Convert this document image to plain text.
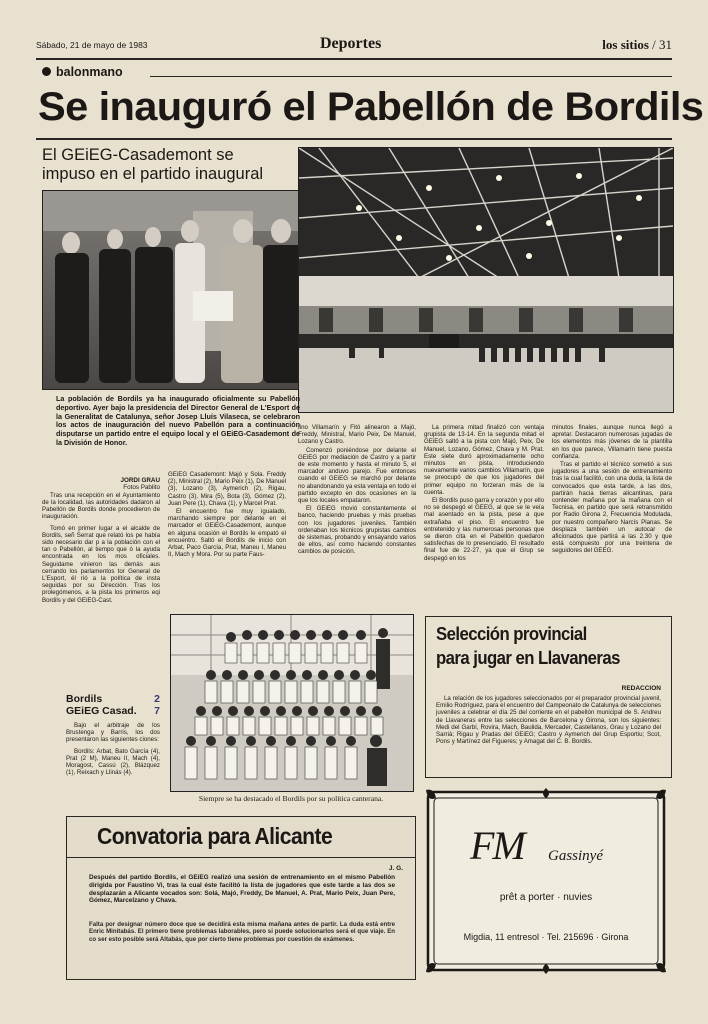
Sábado, 21 de mayo de 1983	Deportes	los sitios / 31
balonmano
Se inauguró el Pabellón de Bordils
El GEiEG-Casademont se
impuso en el partido inaugural
La población de Bordils ya ha inaugurado oficialmente su Pabellón deportivo. Ayer bajo la presidencia del Director General de L'Esport de la Generalitat de Catalunya, señor Josep Lluís Vilaseca, se celebraron los actos de inauguración del nuevo Pabellón para a continuación disputarse un partido entre el equipo local y el GEiEG-Casademont de la División de Honor.
JORDI GRAU
Fotos Pablito

Tras una recepción en el Ayuntamiento de la localidad, las autoridades dadaron al Pabellón de Bordils donde procedieron de inauguración.

Tomó en primer lugar a el alcalde de Bordils, señ Serrat que relató los pe había sido necesario dar p a la población con el tan o Pabellón, al tiempo que ó la ayuda encontrada en los mos oficiales. Seguidame vinieron las demás aus cerrando los parlamentos tor General de L'Esport, él rió a la política de insta seguidas por su Dirección. Tras los prolegómenos, a la pista los primeros eqi Bordils y del GEiEG-Cast.

Bordils	2
GEiEG Casad. 7

Bajo el arbitraje de los Brustenga y Barris, los dos presentaron las siguientes ciones:

Bordils: Arbat, Bato García (4), Prat (2 M), Maneu II, Mach (4), Moragost, Cassú (2), Blázquez (1), Reixach y Llinás (4).

GEiEG Casademont: Majó y Sola. Freddy (2), Ministral (2), Mario Peix (1), De Manuel (3), Lozano (3), Aymerich (2), Rigau, Castro (3), Mira (5), Bota (3), Gómez (2), Juan Pere (1), Chava (1), y Marcel Prat.

El encuentro fue muy igualado, marchando siempre por delante en el marcador el GEiEG-Casademont, aunque en alguna ocasión el Bordils le empató el encuentro. Saltó el Bordils de inicio con Arbat, Paco García, Prat, Maneu I, Maneu II, Mach y Mora. Por su parte Faus-

tino Villamarín y Fitó alinearon a Majó, Freddy, Ministral, Mario Peix, De Manuel, Lozano y Castro.

Comenzó poniéndose por delante el GEiEG por mediación de Castro y a partir de este momento y hasta el minuto 5, el marcador anduvo parejo. Fue entonces cuando el GEiEG se marchó por delante no abandonando ya esta ventaja en todo el partido excepto en dos ocasiones en la que los locales empataron.

El GEiEG movió constantemente el banco, haciendo pruebas y más pruebas con los jugadores juveniles. También ordenaban los técnicos grupistas cambios de sistemas, probando y ensayando varios de ellos, así como haciendo constantes cambios de posición.

La primera mitad finalizó con ventaja grupista de 13-14. En la segunda mitad el GEiEG saltó a la pista con Majó, Peix, De Manuel, Lozano, Gómez, Chava y M. Prat. Este siete duró aproximadamente ocho minutos en pista, introduciendo nuevamente varios cambios Villamarín, que se preocupó de que los jugadores del primer equipo no forzeran más de la cuenta.

El Bordils puso garra y corazón y por ello no se despegó el GEEG, al que se le veía mal asentado en la pista, pese a que extrañaba el piso. El encuentro fue entretenido y las numerosas personas que se dieron cita en el Pabellón quedaron satisfechas de lo presenciado. El resultado final fue de 22-27, ya que el Grup se despegó en los

minutos finales, aunque nunca llegó a apretar. Destacaron numerosas jugadas de los elementos más jóvenes de la plantilla en los que parece, Villamarín tiene puesta confianza.

Tras el partido el técnico sometió a sus jugadores a una sesión de entrenamiento tras la cual facilitó, con una duda, la lista de convocados que esta tarde, a las dos, partirán hacia tierras alicantinas, para contender mañana por la mañana con el Tecnisa, en partido que será retransmitido por Radio Girona 2, Frecuencia Modulada, por nuestro compañero Narcís Planas. Se desplaza también un autocar de aficionados que partirá a las 2.30 y que está compuesto por una treintena de seguidores del GEEG.

Siempre se ha destacado el Bordils por su política canterana.
Selección provincial
para jugar en Llavaneras
REDACCION

La relación de los jugadores seleccionados por el preparador provincial juvenil, Emilio Rodríguez, para el encuentro del Campeonato de Catalunya de selecciones juveniles a celebrar el día 25 del corriente en el pabellón municipal de S. Andreu de Llavaneras entre las selecciones de Barcelona y Girona, son los siguientes: Medi del Garbí, Rovira, Mach, Baulida, Mercader, Castellanos, Grau y Lozano del Sarrià; Rigau y Pradas del GEiEG; Castro y Aymerich del Grup Esportiu; Scot, Pons y Martínez del Figueres; y Amagat del C. B. Bordils.

Convatoria para Alicante
J. G.
Después del partido Bordils, el GEiEG realizó una sesión de entrenamiento en el mismo Pabellón dirigida por Faustino Vi, tras la cual éste facilitó la lista de jugadores que este tarde a las dos se desplazarán a Alicante vocados son: Solá, Majó, Freddy, De Manuel, A. Prat, Mario Peix, Juan Pere, Gómez, Marcelzano y Chava.
Falta por designar número doce que se decidirá esta misma mañana antes de partir. La duda está entre Enric Minitabás. El primero tiene problemas laborables, pero si puede solucionarlos será el que viaje. En co ser esto posible será Altabás, que por cierto tiene problemas por cuestión de exámenes.
FM Gassinyé
prêt a porter · nuvies
Migdia, 11 entresol · Tel. 215696 · Girona
